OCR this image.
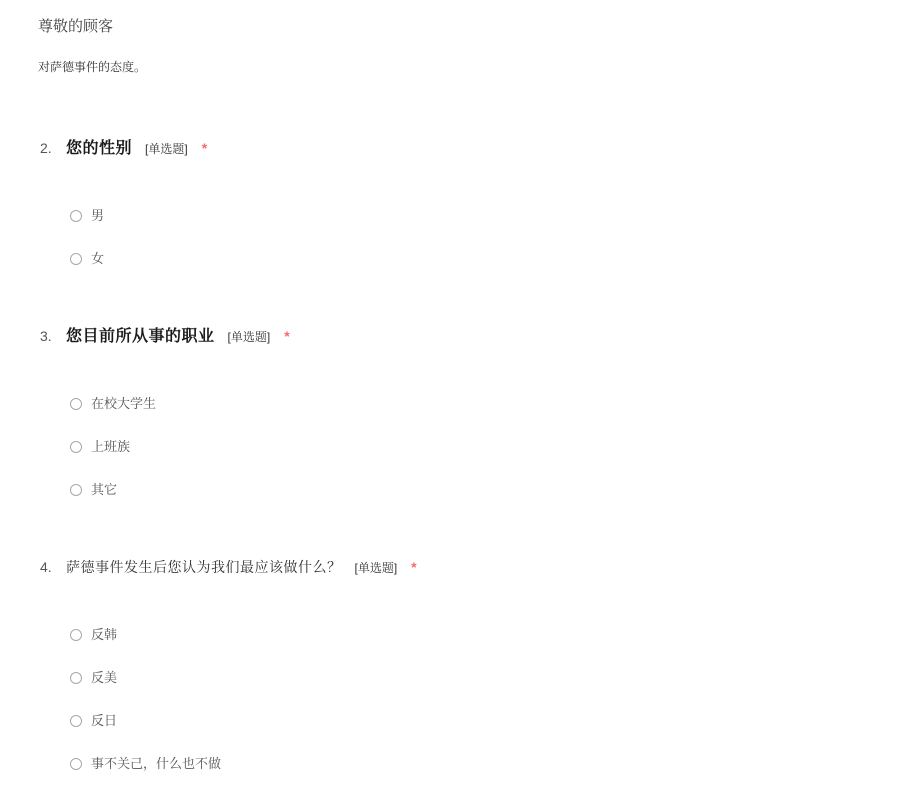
尊敬的顾客
对萨德事件的态度。
2. 您的性别 [单选题] *
男
女
3. 您目前所从事的职业 [单选题] *
在校大学生
上班族
其它
4.	萨德事件发生后您认为我们最应该做什么？ [单选题] *
反韩
反美
反日
事不关己，什么也不做
